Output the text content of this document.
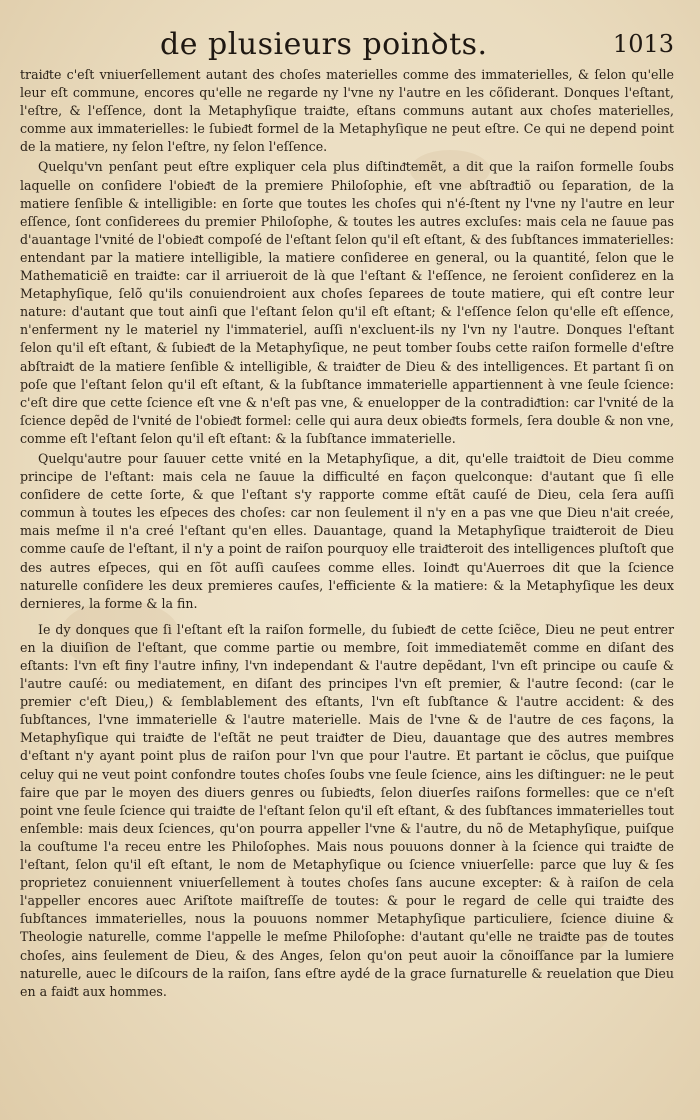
de plusieurs poinꝺts.	1013

traiᵭte c'eſt vniuerſellement autant des choſes materielles comme des immaterielles, & ſelon qu'elle leur eſt commune, encores qu'elle ne regarde ny l'vne ny l'autre en les cõſiderant. Donques l'eſtant, l'eſtre, & l'eſſence, dont la Metaphyſique traiᵭte, eſtans communs autant aux choſes materielles, comme aux immaterielles: le ſubieᵭt formel de la Metaphyſique ne peut eſtre. Ce qui ne depend point de la matiere, ny ſelon l'eſtre, ny ſelon l'eſſence.

Quelqu'vn penſant peut eſtre expliquer cela plus diſtinᵭtemẽt, a dit que la raiſon formelle ſoubs laquelle on conſidere l'obieᵭt de la premiere Philoſophie, eſt vne abſtraᵭtiõ ou ſeparation, de la matiere ſenſible & intelligible: en ſorte que toutes les choſes qui n'é-ſtent ny l'vne ny l'autre en leur eſſence, ſont conſiderees du premier Philoſophe, & toutes les autres excluſes: mais cela ne ſauue pas d'auantage l'vnité de l'obieᵭt compoſé de l'eſtant ſelon qu'il eſt eſtant, & des ſubſtances immaterielles: entendant par la matiere intelligible, la matiere conſideree en general, ou la quantité, ſelon que le Mathematiciẽ en traiᵭte: car il arriueroit de là que l'eſtant & l'eſſence, ne ſeroient conſiderez en la Metaphyſique, ſelõ qu'ils conuiendroient aux choſes ſeparees de toute matiere, qui eſt contre leur nature: d'autant que tout ainſi que l'eſtant ſelon qu'il eſt eſtant; & l'eſſence ſelon qu'elle eſt eſſence, n'enferment ny le materiel ny l'immateriel, auſſi n'excluent-ils ny l'vn ny l'autre. Donques l'eſtant ſelon qu'il eſt eſtant, & ſubieᵭt de la Metaphyſique, ne peut tomber ſoubs cette raiſon formelle d'eſtre abſtraiᵭt de la matiere ſenſible & intelligible, & traiᵭter de Dieu & des intelligences. Et partant ſi on poſe que l'eſtant ſelon qu'il eſt eſtant, & la ſubſtance immaterielle appartiennent à vne ſeule ſcience: c'eſt dire que cette ſcience eſt vne & n'eſt pas vne, & enuelopper de la contradiᵭtion: car l'vnité de la ſcience depẽd de l'vnité de l'obieᵭt formel: celle qui aura deux obieᵭts formels, ſera double & non vne, comme eſt l'eſtant ſelon qu'il eſt eſtant: & la ſubſtance immaterielle.

Quelqu'autre pour ſauuer cette vnité en la Metaphyſique, a dit, qu'elle traiᵭtoit de Dieu comme principe de l'eſtant: mais cela ne ſauue la difficulté en façon quelconque: d'autant que ſi elle conſidere de cette ſorte, & que l'eſtant s'y rapporte comme eſtãt cauſé de Dieu, cela ſera auſſi commun à toutes les eſpeces des choſes: car non ſeulement il n'y en a pas vne que Dieu n'ait creée, mais meſme il n'a creé l'eſtant qu'en elles. Dauantage, quand la Metaphyſique traiᵭteroit de Dieu comme cauſe de l'eſtant, il n'y a point de raiſon pourquoy elle traiᵭteroit des intelligences pluſtoſt que des autres eſpeces, qui en ſõt auſſi cauſees comme elles. Ioinᵭt qu'Auerroes dit que la ſcience naturelle conſidere les deux premieres cauſes, l'efficiente & la matiere: & la Metaphyſique les deux dernieres, la forme & la fin.

Ie dy donques que ſi l'eſtant eſt la raiſon formelle, du ſubieᵭt de cette ſciẽce, Dieu ne peut entrer en la diuiſion de l'eſtant, que comme partie ou membre, ſoit immediatemẽt comme en diſant des eſtants: l'vn eſt finy l'autre infiny, l'vn independant & l'autre depẽdant, l'vn eſt principe ou cauſe & l'autre cauſé: ou mediatement, en diſant des principes l'vn eſt premier, & l'autre ſecond: (car le premier c'eſt Dieu,) & ſemblablement des eſtants, l'vn eſt ſubſtance & l'autre accident: & des ſubſtances, l'vne immaterielle & l'autre materielle. Mais de l'vne & de l'autre de ces façons, la Metaphyſique qui traiᵭte de l'eſtãt ne peut traiᵭter de Dieu, dauantage que des autres membres d'eſtant n'y ayant point plus de raiſon pour l'vn que pour l'autre. Et partant ie cõclus, que puiſque celuy qui ne veut point confondre toutes choſes ſoubs vne ſeule ſcience, ains les diſtinguer: ne le peut faire que par le moyen des diuers genres ou ſubieᵭts, ſelon diuerſes raiſons formelles: que ce n'eſt point vne ſeule ſcience qui traiᵭte de l'eſtant ſelon qu'il eſt eſtant, & des ſubſtances immaterielles tout enſemble: mais deux ſciences, qu'on pourra appeller l'vne & l'autre, du nõ de Metaphyſique, puiſque la couſtume l'a receu entre les Philoſophes. Mais nous pouuons donner à la ſcience qui traiᵭte de l'eſtant, ſelon qu'il eſt eſtant, le nom de Metaphyſique ou ſcience vniuerſelle: parce que luy & ſes proprietez conuiennent vniuerſellement à toutes choſes ſans aucune excepter: & à raiſon de cela l'appeller encores auec Ariſtote maiſtreſſe de toutes: & pour le regard de celle qui traiᵭte des ſubſtances immaterielles, nous la pouuons nommer Metaphyſique particuliere, ſcience diuine & Theologie naturelle, comme l'appelle le meſme Philoſophe: d'autant qu'elle ne traiᵭte pas de toutes choſes, ains ſeulement de Dieu, & des Anges, ſelon qu'on peut auoir la cõnoiſſance par la lumiere naturelle, auec le diſcours de la raiſon, ſans eſtre aydé de la grace ſurnaturelle & reuelation que Dieu en a faiᵭt aux hommes.
